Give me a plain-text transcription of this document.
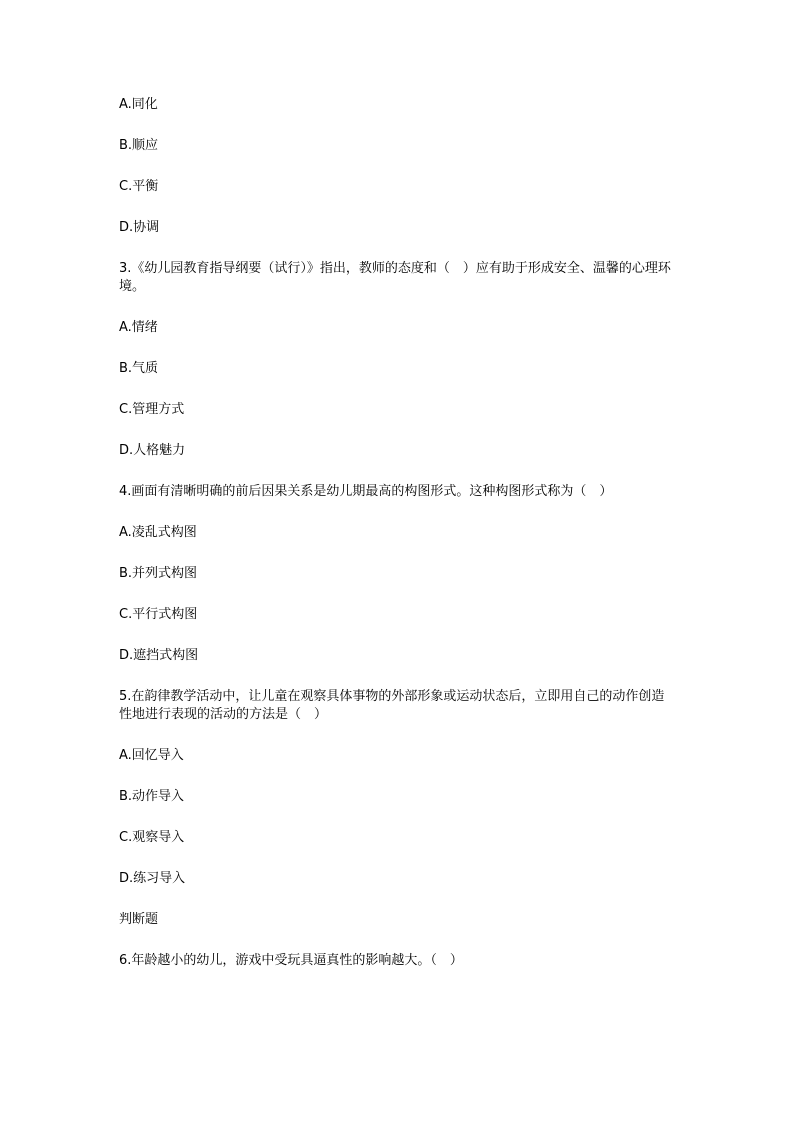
A.同化

B.顺应

C.平衡

D.协调

3.《幼儿园教育指导纲要（试行）》指出，教师的态度和（　）应有助于形成安全、温馨的心理环境。

A.情绪

B.气质

C.管理方式

D.人格魅力

4.画面有清晰明确的前后因果关系是幼儿期最高的构图形式。这种构图形式称为（　）

A.凌乱式构图

B.并列式构图

C.平行式构图

D.遮挡式构图

5.在韵律教学活动中，让儿童在观察具体事物的外部形象或运动状态后，立即用自己的动作创造性地进行表现的活动的方法是（　）

A.回忆导入

B.动作导入

C.观察导入

D.练习导入

判断题

6.年龄越小的幼儿，游戏中受玩具逼真性的影响越大。（　）
